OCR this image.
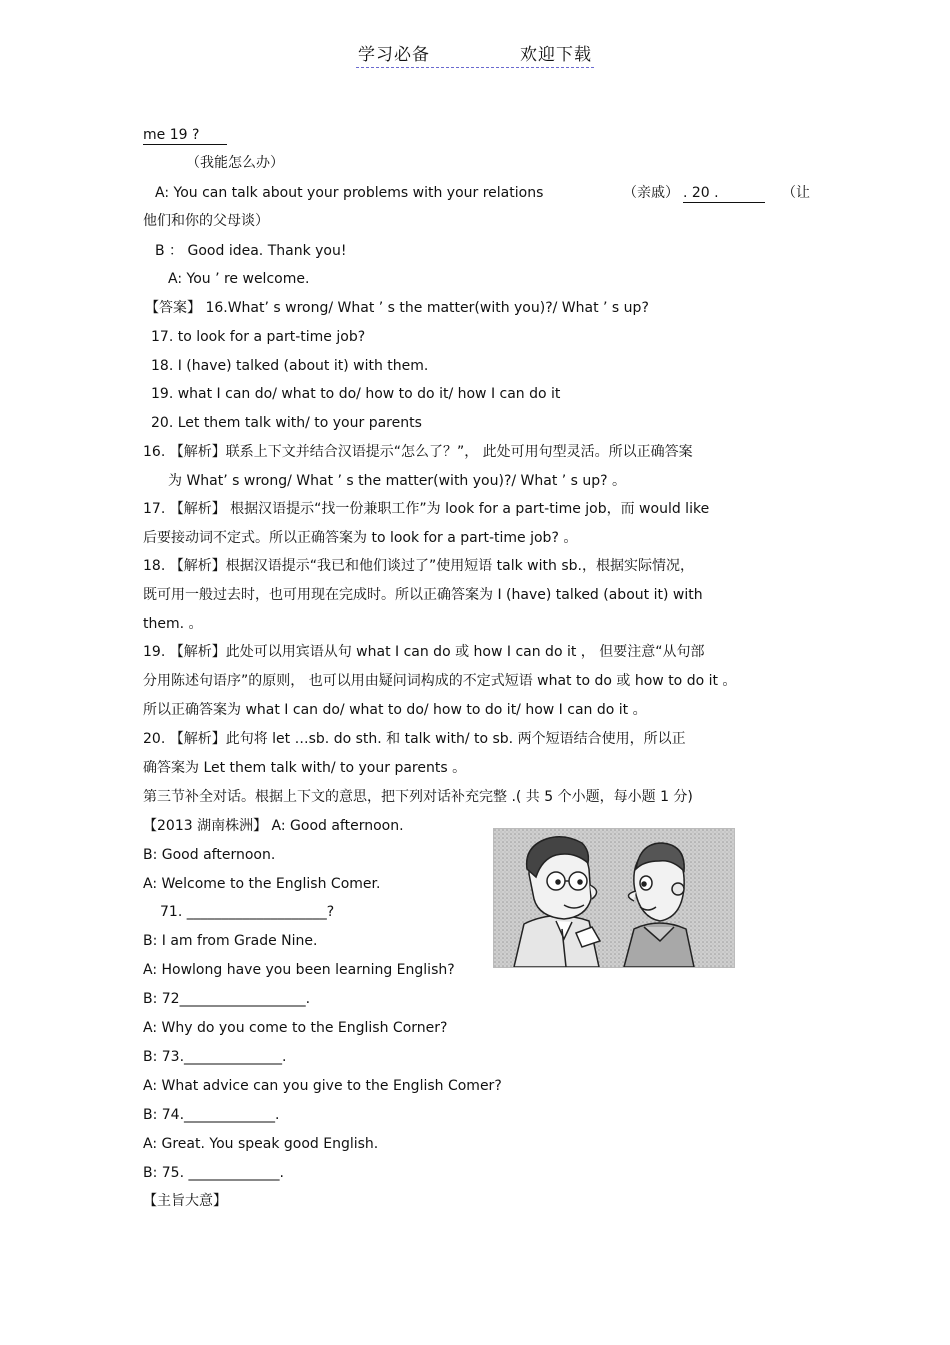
学习必备	欢迎下载
me 19 ?
（我能怎么办）
A: You can talk about your problems with your relations	（亲戚） . 20 .	（让
他们和你的父母谈）
B ： Good idea. Thank you!
A: You ’ re welcome.
【答案】 16.What’ s wrong/ What ’ s the matter(with you)?/ What ’ s up?
17. to look for a part-time job?
18. I (have) talked (about it) with them.
19. what I can do/ what to do/ how to do it/ how I can do it
20. Let them talk with/ to your parents
16. 【解析】联系上下文并结合汉语提示“怎么了？”， 此处可用句型灵活。所以正确答案
为 What’ s wrong/ What ’ s the matter(with you)?/ What ’ s up? 。
17. 【解析】 根据汉语提示“找一份兼职工作”为 look for a part-time job，而 would like
后要接动词不定式。所以正确答案为 to look for a part-time job? 。
18. 【解析】根据汉语提示“我已和他们谈过了”使用短语 talk with sb.，根据实际情况，
既可用一般过去时，也可用现在完成时。所以正确答案为 I (have) talked (about it) with
them. 。
19. 【解析】此处可以用宾语从句 what I can do 或 how I can do it ， 但要注意“从句部
分用陈述句语序”的原则， 也可以用由疑问词构成的不定式短语 what to do 或 how to do it 。
所以正确答案为 what I can do/ what to do/ how to do it/ how I can do it 。
20. 【解析】此句将 let …sb. do sth. 和 talk with/ to sb. 两个短语结合使用，所以正
确答案为 Let them talk with/ to your parents 。
第三节补全对话。根据上下文的意思，把下列对话补充完整 .( 共 5 个小题，每小题 1 分)
【2013 湖南株洲】 A: Good afternoon.
B: Good afternoon.
A: Welcome to the English Comer.
71. ____________________?
B: I am from Grade Nine.
A: Howlong have you been learning English?
B: 72__________________.
A: Why do you come to the English Corner?
B: 73.______________.
A: What advice can you give to the English Comer?
B: 74._____________.
A: Great. You speak good English.
B: 75. _____________.
【主旨大意】
